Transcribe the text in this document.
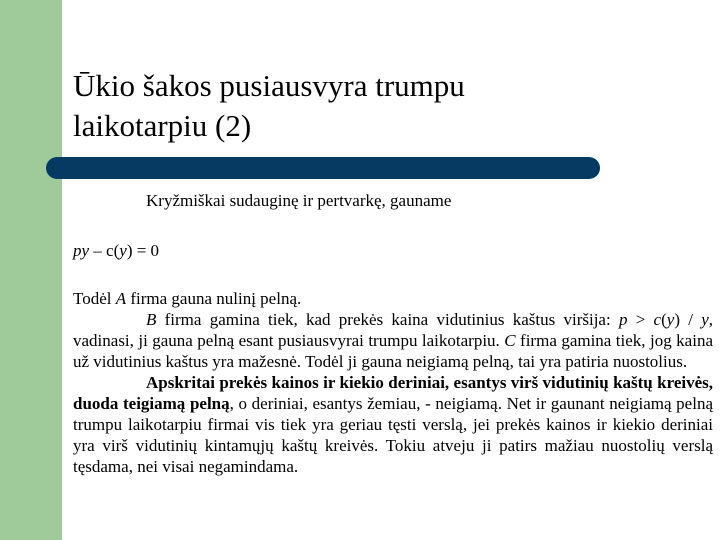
Ūkio šakos pusiausvyra trumpu
laikotarpiu (2)

Kryžmiškai sudauginę ir pertvarkę, gauname

py – c(y) = 0

Todėl A firma gauna nulinį pelną.

B firma gamina tiek, kad prekės kaina vidutinius kaštus viršija: p > c(y) / y, vadinasi, ji gauna pelną esant pusiausvyrai trumpu laikotarpiu. C firma gamina tiek, jog kaina už vidutinius kaštus yra mažesnė. Todėl ji gauna neigiamą pelną, tai yra patiria nuostolius.

Apskritai prekės kainos ir kiekio deriniai, esantys virš vidutinių kaštų kreivės, duoda teigiamą pelną, o deriniai, esantys žemiau, - neigiamą. Net ir gaunant neigiamą pelną trumpu laikotarpiu firmai vis tiek yra geriau tęsti verslą, jei prekės kainos ir kiekio deriniai yra virš vidutinių kintamųjų kaštų kreivės. Tokiu atveju ji patirs mažiau nuostolių verslą tęsdama, nei visai negamindama.
